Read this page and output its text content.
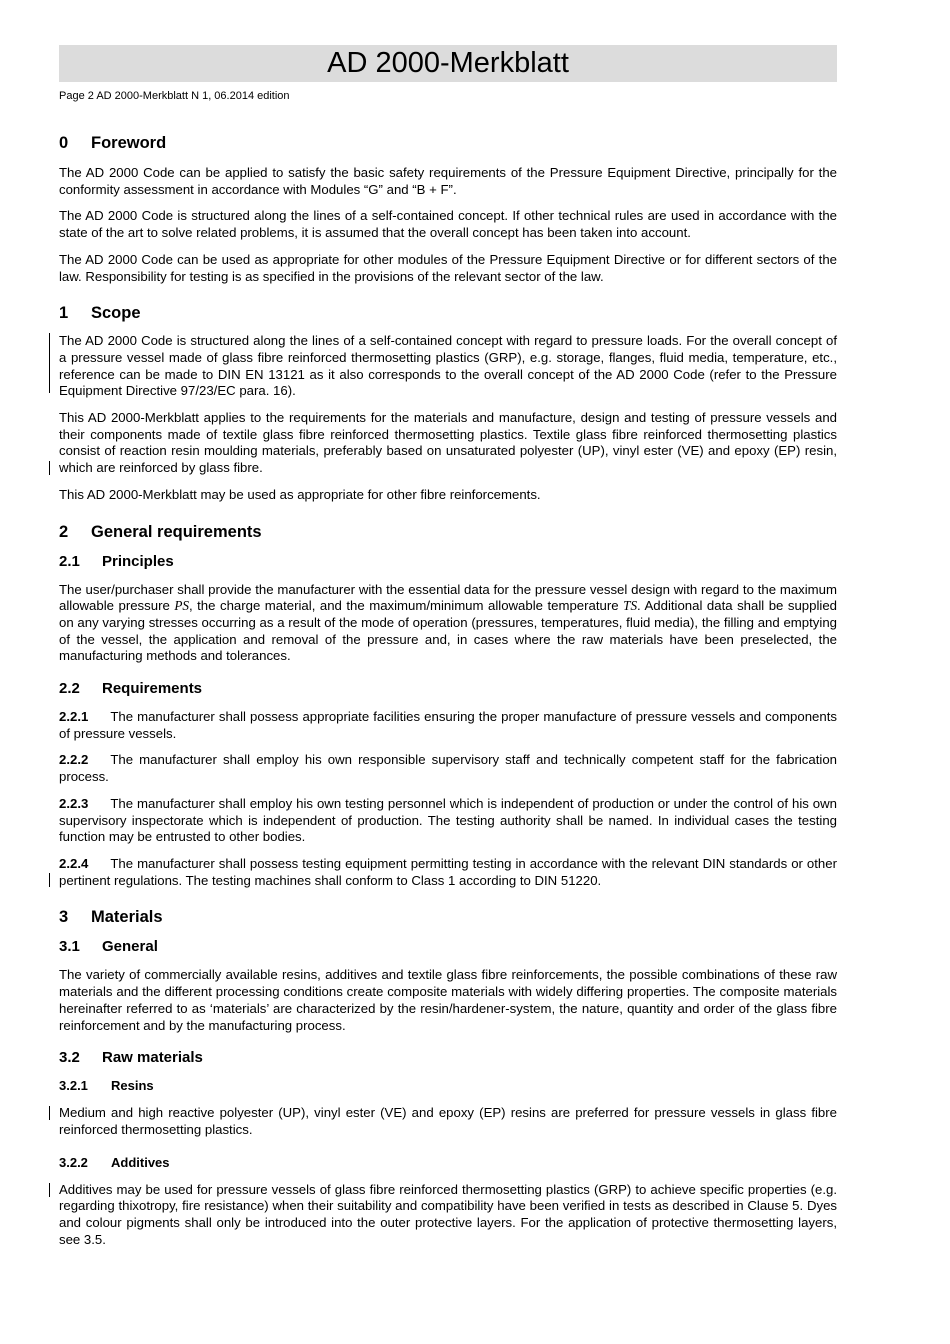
AD 2000-Merkblatt
Page 2 AD 2000-Merkblatt N 1, 06.2014 edition
0	Foreword

The AD 2000 Code can be applied to satisfy the basic safety requirements of the Pressure Equipment Directive, principally for the conformity assessment in accordance with Modules “G” and “B + F”.

The AD 2000 Code is structured along the lines of a self-contained concept. If other technical rules are used in accordance with the state of the art to solve related problems, it is assumed that the overall concept has been taken into account.

The AD 2000 Code can be used as appropriate for other modules of the Pressure Equipment Directive or for different sectors of the law. Responsibility for testing is as specified in the provisions of the relevant sector of the law.

1	Scope

The AD 2000 Code is structured along the lines of a self-contained concept with regard to pressure loads. For the overall concept of a pressure vessel made of glass fibre reinforced thermosetting plastics (GRP), e.g. storage, flanges, fluid media, temperature, etc., reference can be made to DIN EN 13121 as it also corresponds to the overall concept of the AD 2000 Code (refer to the Pressure Equipment Directive 97/23/EC para. 16).

This AD 2000-Merkblatt applies to the requirements for the materials and manufacture, design and testing of pressure vessels and their components made of textile glass fibre reinforced thermosetting plastics. Textile glass fibre reinforced thermosetting plastics consist of reaction resin moulding materials, preferably based on unsaturated polyester (UP), vinyl ester (VE) and epoxy (EP) resin, which are reinforced by glass fibre.

This AD 2000-Merkblatt may be used as appropriate for other fibre reinforcements.

2	General requirements
2.1	Principles

The user/purchaser shall provide the manufacturer with the essential data for the pressure vessel design with regard to the maximum allowable pressure PS, the charge material, and the maximum/minimum allowable temperature TS. Additional data shall be supplied on any varying stresses occurring as a result of the mode of operation (pressures, temperatures, fluid media), the filling and emptying of the vessel, the application and removal of the pressure and, in cases where the raw materials have been preselected, the manufacturing methods and tolerances.

2.2	Requirements

2.2.1 The manufacturer shall possess appropriate facilities ensuring the proper manufacture of pressure vessels and components of pressure vessels.

2.2.2 The manufacturer shall employ his own responsible supervisory staff and technically competent staff for the fabrication process.

2.2.3 The manufacturer shall employ his own testing personnel which is independent of production or under the control of his own supervisory inspectorate which is independent of production. The testing authority shall be named. In individual cases the testing function may be entrusted to other bodies.

2.2.4 The manufacturer shall possess testing equipment permitting testing in accordance with the relevant DIN standards or other pertinent regulations. The testing machines shall conform to Class 1 according to DIN 51220.

3	Materials
3.1	General

The variety of commercially available resins, additives and textile glass fibre reinforcements, the possible combinations of these raw materials and the different processing conditions create composite materials with widely differing properties. The composite materials hereinafter referred to as ‘materials’ are characterized by the resin/hardener-system, the nature, quantity and order of the glass fibre reinforcement and by the manufacturing process.

3.2	Raw materials
3.2.1	Resins

Medium and high reactive polyester (UP), vinyl ester (VE) and epoxy (EP) resins are preferred for pressure vessels in glass fibre reinforced thermosetting plastics.

3.2.2	Additives

Additives may be used for pressure vessels of glass fibre reinforced thermosetting plastics (GRP) to achieve specific properties (e.g. regarding thixotropy, fire resistance) when their suitability and compatibility have been verified in tests as described in Clause 5. Dyes and colour pigments shall only be introduced into the outer protective layers. For the application of protective thermosetting layers, see 3.5.
